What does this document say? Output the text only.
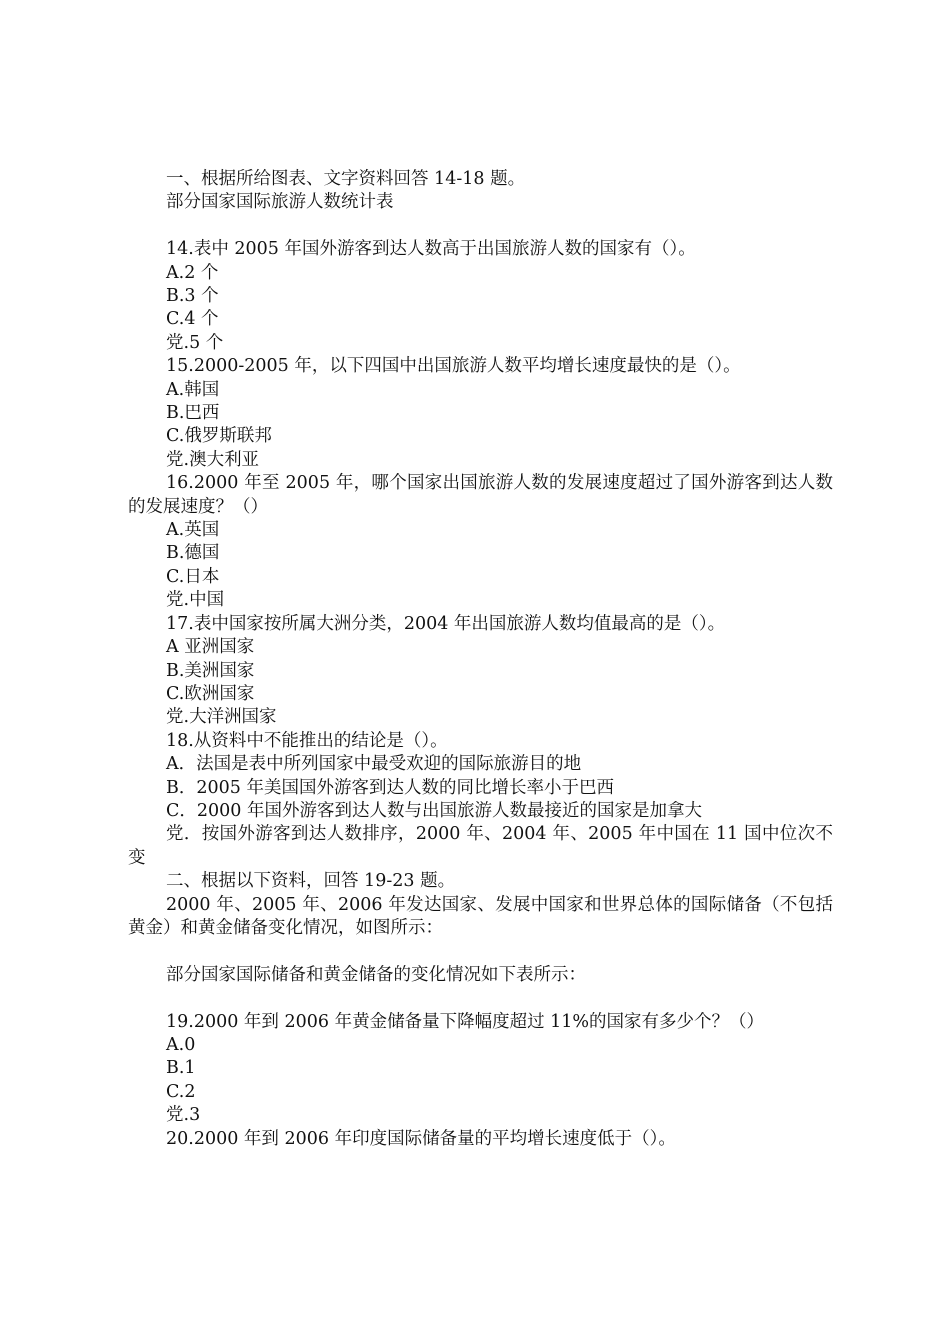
一、根据所给图表、文字资料回答 14-18 题。
部分国家国际旅游人数统计表
14.表中 2005 年国外游客到达人数高于出国旅游人数的国家有（）。
A.2 个
B.3 个
C.4 个
党.5 个
15.2000-2005 年，以下四国中出国旅游人数平均增长速度最快的是（）。
A.韩国
B.巴西
C.俄罗斯联邦
党.澳大利亚
16.2000 年至 2005 年，哪个国家出国旅游人数的发展速度超过了国外游客到达人数的发展速度？（）
A.英国
B.德国
C.日本
党.中国
17.表中国家按所属大洲分类，2004 年出国旅游人数均值最高的是（）。
A 亚洲国家
B.美洲国家
C.欧洲国家
党.大洋洲国家
18.从资料中不能推出的结论是（）。
A．法国是表中所列国家中最受欢迎的国际旅游目的地
B．2005 年美国国外游客到达人数的同比增长率小于巴西
C．2000 年国外游客到达人数与出国旅游人数最接近的国家是加拿大
党．按国外游客到达人数排序，2000 年、2004 年、2005 年中国在 11 国中位次不变
二、根据以下资料，回答 19-23 题。
2000 年、2005 年、2006 年发达国家、发展中国家和世界总体的国际储备（不包括黄金）和黄金储备变化情况，如图所示：
部分国家国际储备和黄金储备的变化情况如下表所示：
19.2000 年到 2006 年黄金储备量下降幅度超过 11%的国家有多少个？（）
A.0
B.1
C.2
党.3
20.2000 年到 2006 年印度国际储备量的平均增长速度低于（）。
